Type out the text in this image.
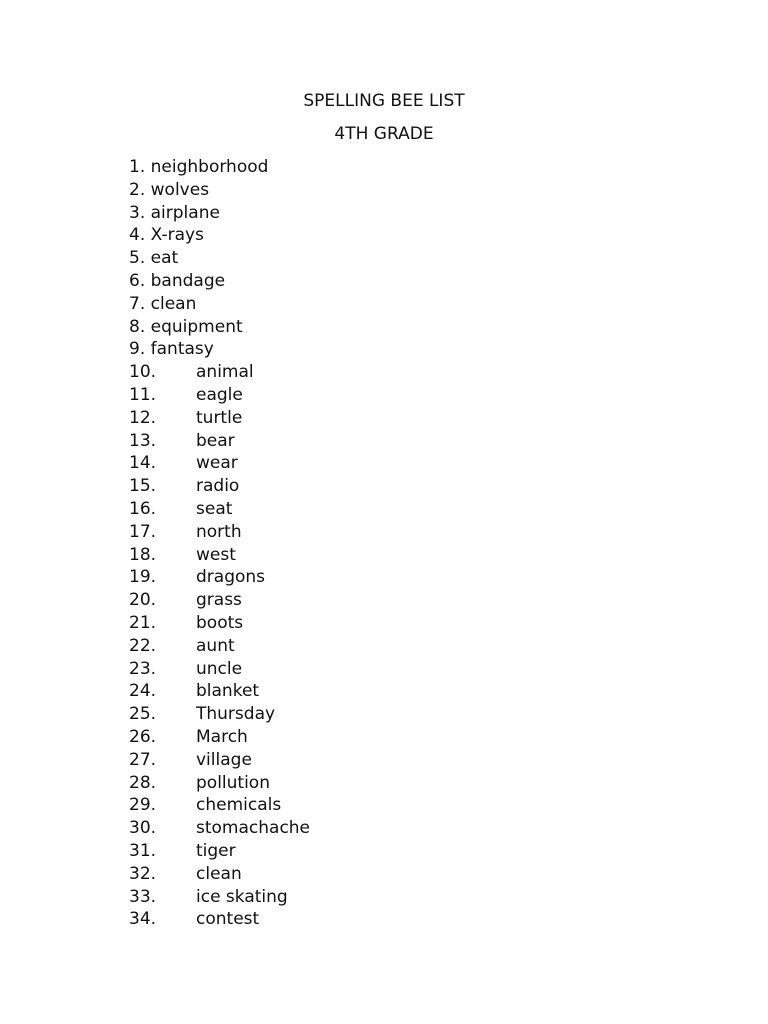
SPELLING BEE LIST
4TH GRADE
1. neighborhood
2. wolves
3. airplane
4. X-rays
5. eat
6. bandage
7. clean
8. equipment
9. fantasy
10. animal
11. eagle
12. turtle
13. bear
14. wear
15. radio
16. seat
17. north
18. west
19. dragons
20. grass
21. boots
22. aunt
23. uncle
24. blanket
25. Thursday
26. March
27. village
28. pollution
29. chemicals
30. stomachache
31. tiger
32. clean
33. ice skating
34. contest
